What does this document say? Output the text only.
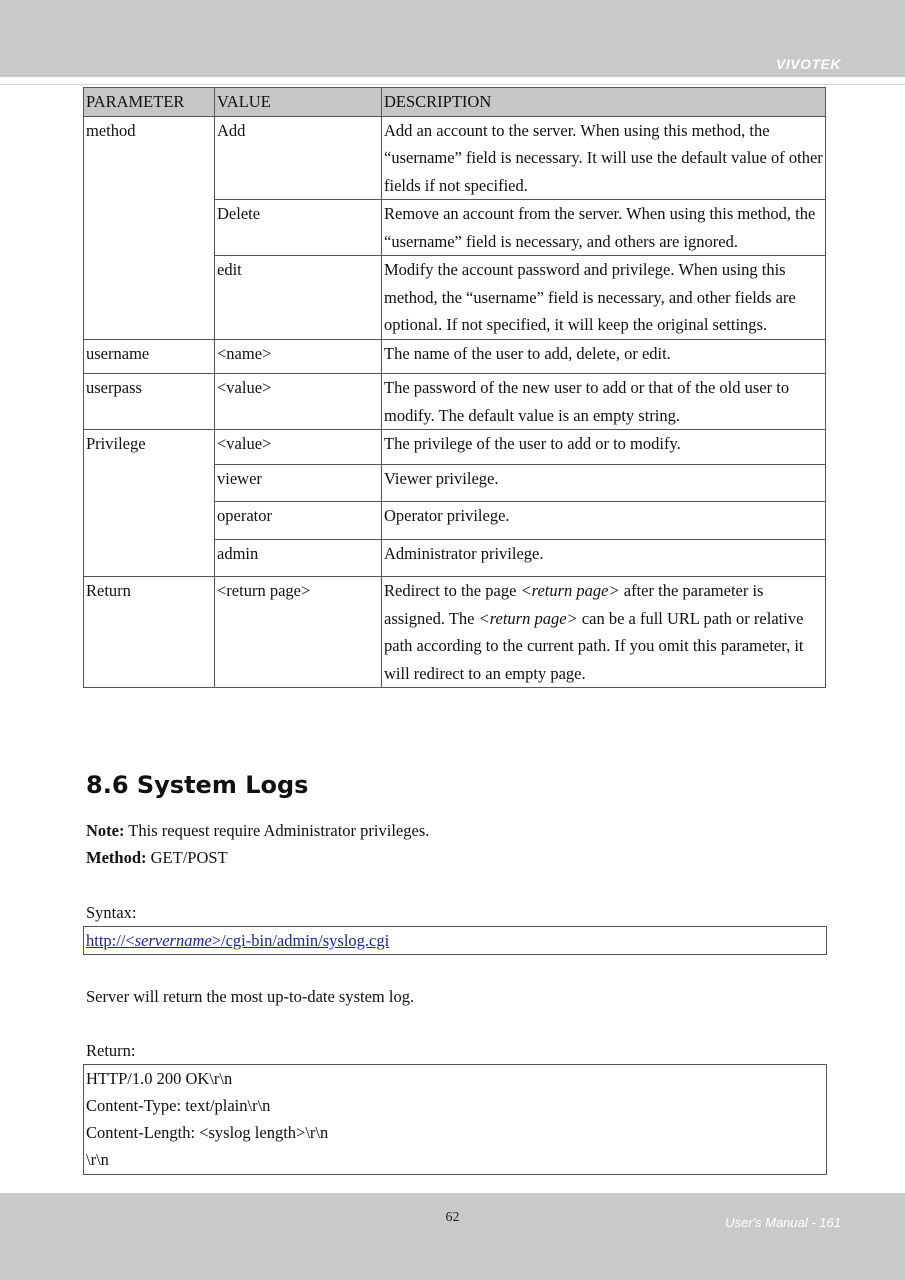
VIVOTEK
PARAMETER	VALUE	DESCRIPTION
method	Add	Add an account to the server. When using this method, the “username” field is necessary. It will use the default value of other fields if not specified.
	Delete	Remove an account from the server. When using this method, the “username” field is necessary, and others are ignored.
	edit	Modify the account password and privilege. When using this method, the “username” field is necessary, and other fields are optional. If not specified, it will keep the original settings.
username	<name>	The name of the user to add, delete, or edit.
userpass	<value>	The password of the new user to add or that of the old user to modify. The default value is an empty string.
Privilege	<value>	The privilege of the user to add or to modify.
	viewer	Viewer privilege.
	operator	Operator privilege.
	admin	Administrator privilege.
Return	<return page>	Redirect to the page <return page> after the parameter is assigned. The <return page> can be a full URL path or relative path according to the current path. If you omit this parameter, it will redirect to an empty page.
8.6 System Logs
Note: This request require Administrator privileges.
Method: GET/POST
Syntax:
http://<servername>/cgi-bin/admin/syslog.cgi
Server will return the most up-to-date system log.
Return:
HTTP/1.0 200 OK\r\n
Content-Type: text/plain\r\n
Content-Length: <syslog length>\r\n
\r\n
62	User's Manual - 161
